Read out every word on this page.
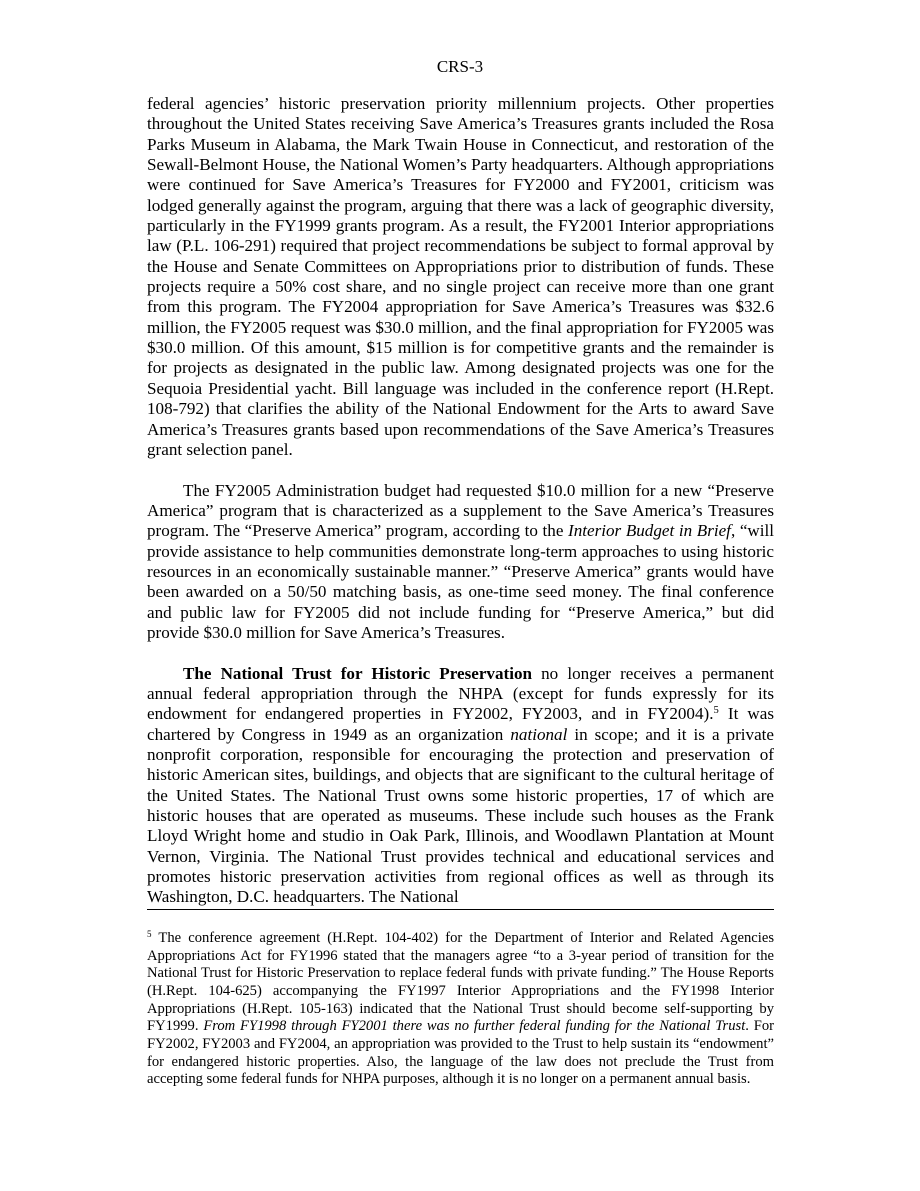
CRS-3

federal agencies’ historic preservation priority millennium projects. Other properties throughout the United States receiving Save America’s Treasures grants included the Rosa Parks Museum in Alabama, the Mark Twain House in Connecticut, and restoration of the Sewall-Belmont House, the National Women’s Party headquarters. Although appropriations were continued for Save America’s Treasures for FY2000 and FY2001, criticism was lodged generally against the program, arguing that there was a lack of geographic diversity, particularly in the FY1999 grants program. As a result, the FY2001 Interior appropriations law (P.L. 106-291) required that project recommendations be subject to formal approval by the House and Senate Committees on Appropriations prior to distribution of funds. These projects require a 50% cost share, and no single project can receive more than one grant from this program. The FY2004 appropriation for Save America’s Treasures was $32.6 million, the FY2005 request was $30.0 million, and the final appropriation for FY2005 was $30.0 million. Of this amount, $15 million is for competitive grants and the remainder is for projects as designated in the public law. Among designated projects was one for the Sequoia Presidential yacht. Bill language was included in the conference report (H.Rept. 108-792) that clarifies the ability of the National Endowment for the Arts to award Save America’s Treasures grants based upon recommendations of the Save America’s Treasures grant selection panel.

The FY2005 Administration budget had requested $10.0 million for a new “Preserve America” program that is characterized as a supplement to the Save America’s Treasures program. The “Preserve America” program, according to the Interior Budget in Brief, “will provide assistance to help communities demonstrate long-term approaches to using historic resources in an economically sustainable manner.” “Preserve America” grants would have been awarded on a 50/50 matching basis, as one-time seed money. The final conference and public law for FY2005 did not include funding for “Preserve America,” but did provide $30.0 million for Save America’s Treasures.

The National Trust for Historic Preservation no longer receives a permanent annual federal appropriation through the NHPA (except for funds expressly for its endowment for endangered properties in FY2002, FY2003, and in FY2004).$^5$ It was chartered by Congress in 1949 as an organization national in scope; and it is a private nonprofit corporation, responsible for encouraging the protection and preservation of historic American sites, buildings, and objects that are significant to the cultural heritage of the United States. The National Trust owns some historic properties, 17 of which are historic houses that are operated as museums. These include such houses as the Frank Lloyd Wright home and studio in Oak Park, Illinois, and Woodlawn Plantation at Mount Vernon, Virginia. The National Trust provides technical and educational services and promotes historic preservation activities from regional offices as well as through its Washington, D.C. headquarters. The National

$^5$ The conference agreement (H.Rept. 104-402) for the Department of Interior and Related Agencies Appropriations Act for FY1996 stated that the managers agree “to a 3-year period of transition for the National Trust for Historic Preservation to replace federal funds with private funding.” The House Reports (H.Rept. 104-625) accompanying the FY1997 Interior Appropriations and the FY1998 Interior Appropriations (H.Rept. 105-163) indicated that the National Trust should become self-supporting by FY1999. From FY1998 through FY2001 there was no further federal funding for the National Trust. For FY2002, FY2003 and FY2004, an appropriation was provided to the Trust to help sustain its “endowment” for endangered historic properties. Also, the language of the law does not preclude the Trust from accepting some federal funds for NHPA purposes, although it is no longer on a permanent annual basis.
